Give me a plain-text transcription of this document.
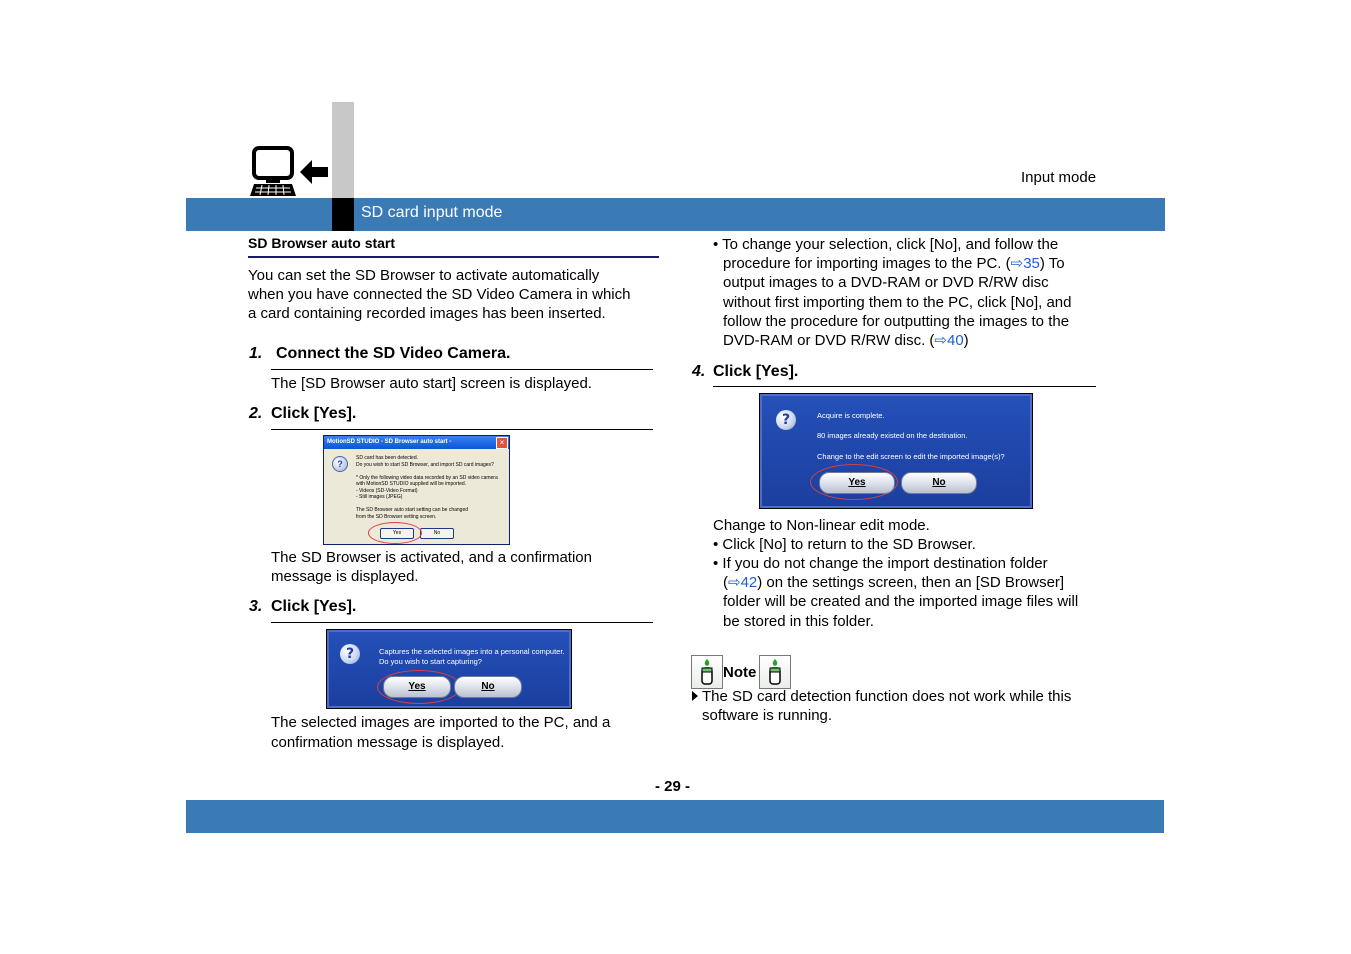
SD card input mode
Input mode
SD Browser auto start
You can set the SD Browser to activate automatically
when you have connected the SD Video Camera in which
a card containing recorded images has been inserted.
1. Connect the SD Video Camera.
The [SD Browser auto start] screen is displayed.
2. Click [Yes].
MotionSD STUDIO - SD Browser auto start -	×
?
SD card has been detected.
Do you wish to start SD Browser, and import SD card images?
* Only the following video data recorded by an SD video camera
with MotionSD STUDIO supplied will be imported.
- Videos (SD-Video Format)
- Still images (JPEG)
The SD Browser auto start setting can be changed
from the SD Browser setting screen.
Yes	No
The SD Browser is activated, and a confirmation
message is displayed.
3. Click [Yes].
?	Captures the selected images into a personal computer.
Do you wish to start capturing?
Yes	No
The selected images are imported to the PC, and a
confirmation message is displayed.
• To change your selection, click [No], and follow the
procedure for importing images to the PC. (⇨35) To
output images to a DVD-RAM or DVD R/RW disc
without first importing them to the PC, click [No], and
follow the procedure for outputting the images to the
DVD-RAM or DVD R/RW disc. (⇨40)
4. Click [Yes].
?	Acquire is complete.
80 images already existed on the destination.
Change to the edit screen to edit the imported image(s)?
Yes	No
Change to Non-linear edit mode.
• Click [No] to return to the SD Browser.
• If you do not change the import destination folder
(⇨42) on the settings screen, then an [SD Browser]
folder will be created and the imported image files will
be stored in this folder.
Note
The SD card detection function does not work while this
software is running.
- 29 -
